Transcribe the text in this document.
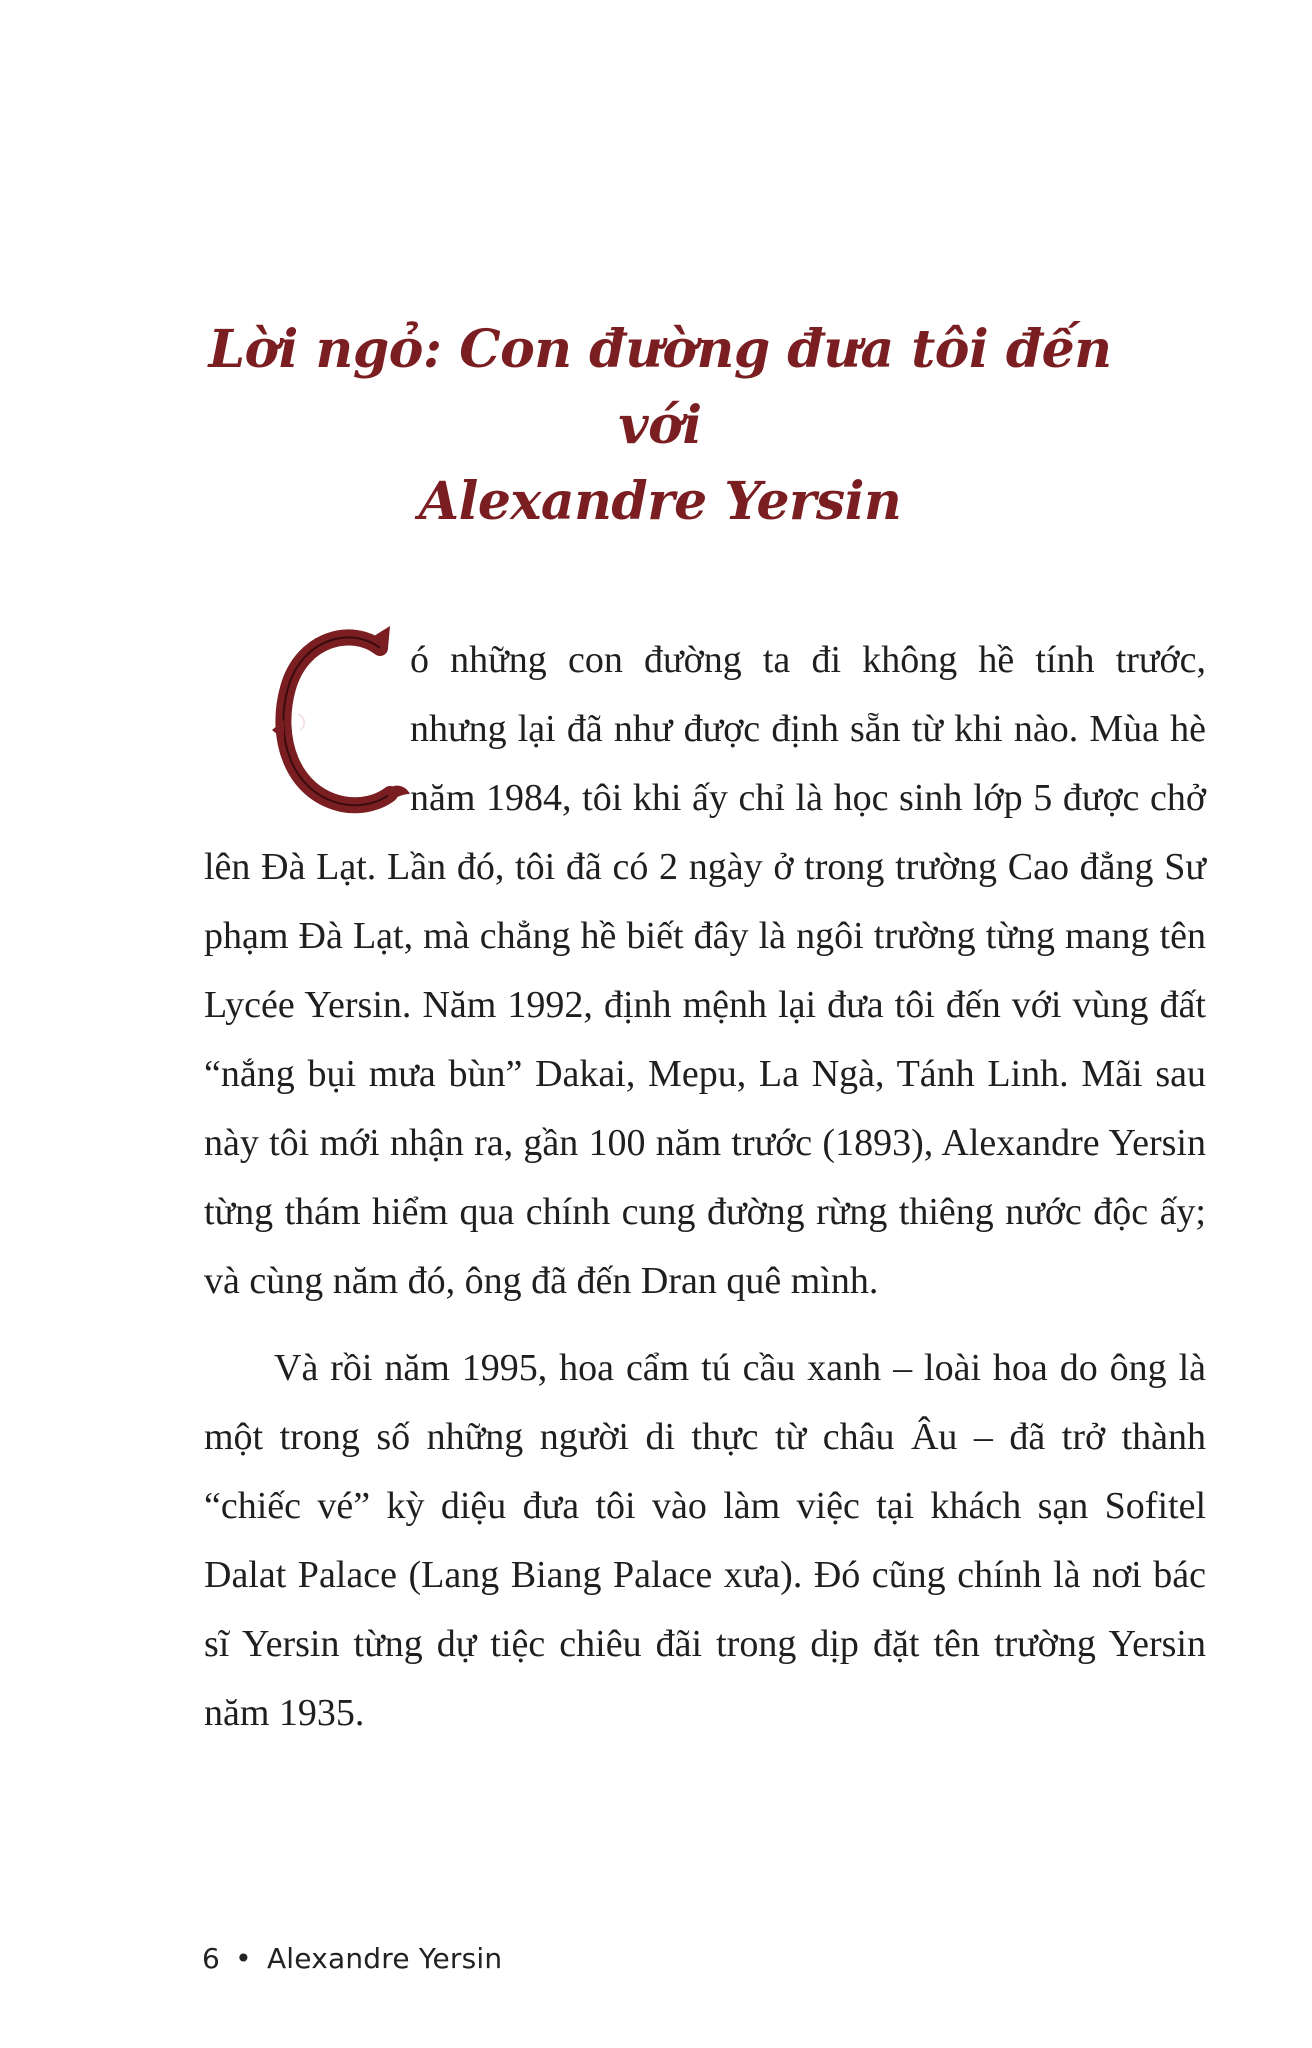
Lời ngỏ: Con đường đưa tôi đến với
Alexandre Yersin
C

ó những con đường ta đi không hề tính trước, nhưng lại đã như được định sẵn từ khi nào. Mùa hè năm 1984, tôi khi ấy chỉ là học sinh lớp 5 được chở lên Đà Lạt. Lần đó, tôi đã có 2 ngày ở trong trường Cao đẳng Sư phạm Đà Lạt, mà chẳng hề biết đây là ngôi trường từng mang tên Lycée Yersin. Năm 1992, định mệnh lại đưa tôi đến với vùng đất “nắng bụi mưa bùn” Dakai, Mepu, La Ngà, Tánh Linh. Mãi sau này tôi mới nhận ra, gần 100 năm trước (1893), Alexandre Yersin từng thám hiểm qua chính cung đường rừng thiêng nước độc ấy; và cùng năm đó, ông đã đến Dran quê mình.

Và rồi năm 1995, hoa cẩm tú cầu xanh – loài hoa do ông là một trong số những người di thực từ châu Âu – đã trở thành “chiếc vé” kỳ diệu đưa tôi vào làm việc tại khách sạn Sofitel Dalat Palace (Lang Biang Palace xưa). Đó cũng chính là nơi bác sĩ Yersin từng dự tiệc chiêu đãi trong dịp đặt tên trường Yersin năm 1935.

6 • Alexandre Yersin
